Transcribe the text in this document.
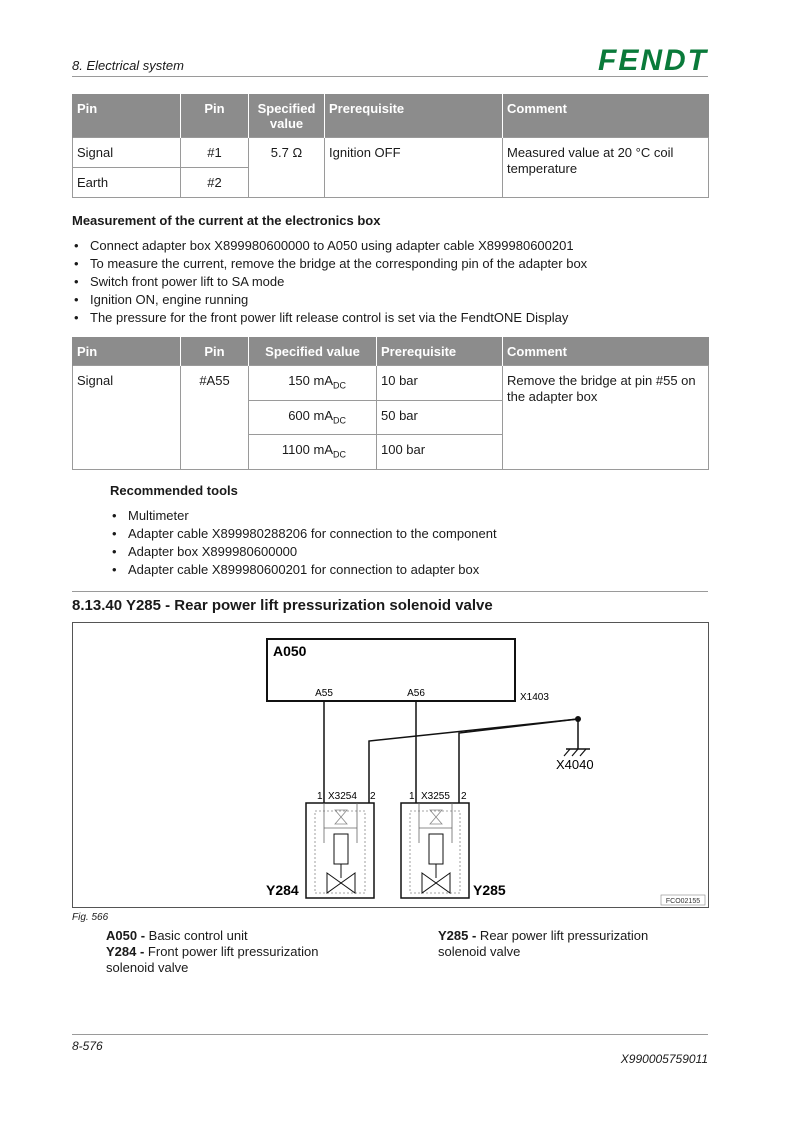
8. Electrical system	FENDT
Pin	Pin	Specified value	Prerequisite	Comment
Signal	#1	5.7 Ω	Ignition OFF	Measured value at 20 °C coil temperature
Earth	#2			
Measurement of the current at the electronics box
• Connect adapter box X899980600000 to A050 using adapter cable X899980600201
• To measure the current, remove the bridge at the corresponding pin of the adapter box
• Switch front power lift to SA mode
• Ignition ON, engine running
• The pressure for the front power lift release control is set via the FendtONE Display
Pin	Pin	Specified value	Prerequisite	Comment
Signal	#A55	150 $mA_{DC}$	10 bar	Remove the bridge at pin #55 on the adapter box
		600 $mA_{DC}$	50 bar	
		1100 $mA_{DC}$	100 bar	
Recommended tools
• Multimeter
• Adapter cable X899980288206 for connection to the component
• Adapter box X899980600000
• Adapter cable X899980600201 for connection to adapter box
8.13.40 Y285 - Rear power lift pressurization solenoid valve
A050
A55	A56	X1403
X4040
1 X3254 2
Y284
1 X3255 2
Y285
FCO02155
Fig. 566
A050 - Basic control unit
Y284 - Front power lift pressurization solenoid valve
Y285 - Rear power lift pressurization solenoid valve
8-576
X990005759011
